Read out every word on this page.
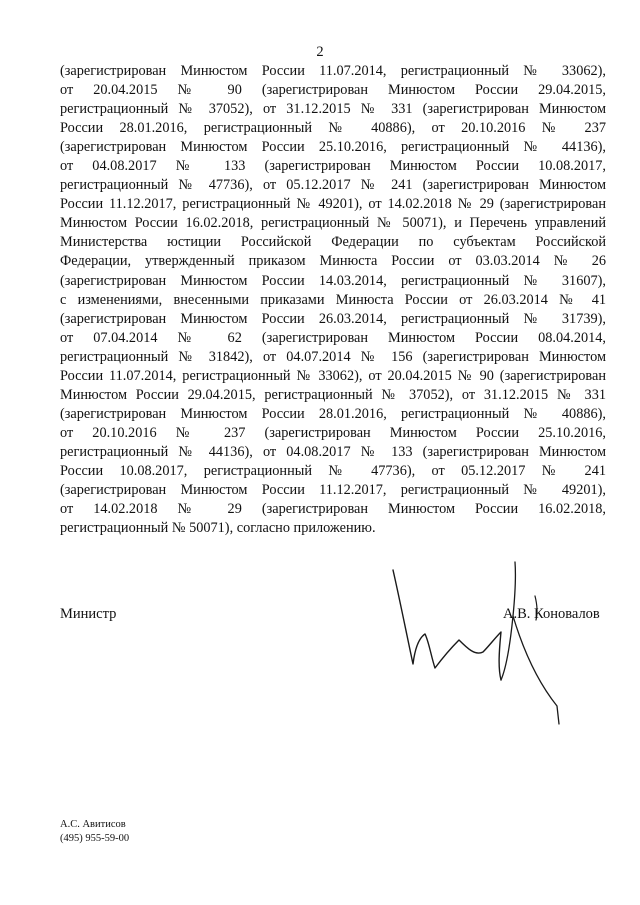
2
(зарегистрирован Минюстом России 11.07.2014, регистрационный № 33062),
от 20.04.2015 № 90 (зарегистрирован Минюстом России 29.04.2015,
регистрационный № 37052), от 31.12.2015 № 331 (зарегистрирован Минюстом
России 28.01.2016, регистрационный № 40886), от 20.10.2016 № 237
(зарегистрирован Минюстом России 25.10.2016, регистрационный № 44136),
от 04.08.2017 № 133 (зарегистрирован Минюстом России 10.08.2017,
регистрационный № 47736), от 05.12.2017 № 241 (зарегистрирован Минюстом
России 11.12.2017, регистрационный № 49201), от 14.02.2018 № 29 (зарегистрирован
Минюстом России 16.02.2018, регистрационный № 50071), и Перечень управлений
Министерства юстиции Российской Федерации по субъектам Российской
Федерации, утвержденный приказом Минюста России от 03.03.2014 № 26
(зарегистрирован Минюстом России 14.03.2014, регистрационный № 31607),
с изменениями, внесенными приказами Минюста России от 26.03.2014 № 41
(зарегистрирован Минюстом России 26.03.2014, регистрационный № 31739),
от 07.04.2014 № 62 (зарегистрирован Минюстом России 08.04.2014,
регистрационный № 31842), от 04.07.2014 № 156 (зарегистрирован Минюстом
России 11.07.2014, регистрационный № 33062), от 20.04.2015 № 90 (зарегистрирован
Минюстом России 29.04.2015, регистрационный № 37052), от 31.12.2015 № 331
(зарегистрирован Минюстом России 28.01.2016, регистрационный № 40886),
от 20.10.2016 № 237 (зарегистрирован Минюстом России 25.10.2016,
регистрационный № 44136), от 04.08.2017 № 133 (зарегистрирован Минюстом
России 10.08.2017, регистрационный № 47736), от 05.12.2017 № 241
(зарегистрирован Минюстом России 11.12.2017, регистрационный № 49201),
от 14.02.2018 № 29 (зарегистрирован Минюстом России 16.02.2018,
регистрационный № 50071), согласно приложению.
Министр	А.В. Коновалов
А.С. Авитисов
(495) 955-59-00
